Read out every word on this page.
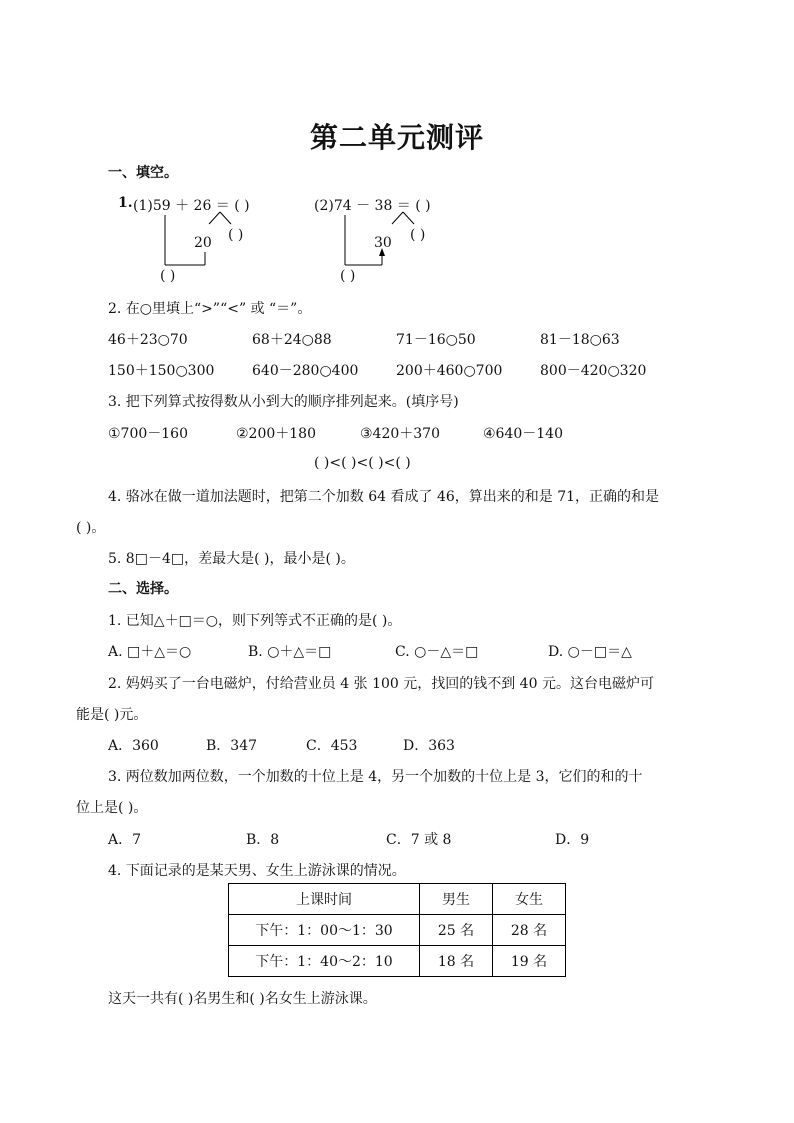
第二单元测评
一、填空。
1. (1)59 ＋ 26 ＝ ( )	(2)74 － 38 ＝ ( )
( )
20
( )
( )
30
( )
2. 在○里填上“>”“<” 或 “＝”。
46＋23○70	68＋24○88	71－16○50	81－18○63
150＋150○300	640－280○400	200＋460○700	800－420○320
3. 把下列算式按得数从小到大的顺序排列起来。(填序号)
①700－160	②200＋180	③420＋370	④640－140
( )<( )<( )<( )
4. 骆冰在做一道加法题时，把第二个加数 64 看成了 46，算出来的和是 71，正确的和是
( )。
5. 8□－4□，差最大是( )，最小是( )。
二、选择。
1. 已知△＋□＝○，则下列等式不正确的是( )。
A. □＋△＝○	B. ○＋△＝□	C. ○－△＝□	D. ○－□＝△
2. 妈妈买了一台电磁炉，付给营业员 4 张 100 元，找回的钱不到 40 元。这台电磁炉可
能是( )元。
A．360	B．347	C．453	D．363
3. 两位数加两位数，一个加数的十位上是 4，另一个加数的十位上是 3，它们的和的十
位上是( )。
A．7	B．8	C．7 或 8	D．9
4. 下面记录的是某天男、女生上游泳课的情况。
上课时间	男生	女生
下午：1：00～1：30	25 名	28 名
下午：1：40～2：10	18 名	19 名
这天一共有( )名男生和( )名女生上游泳课。
